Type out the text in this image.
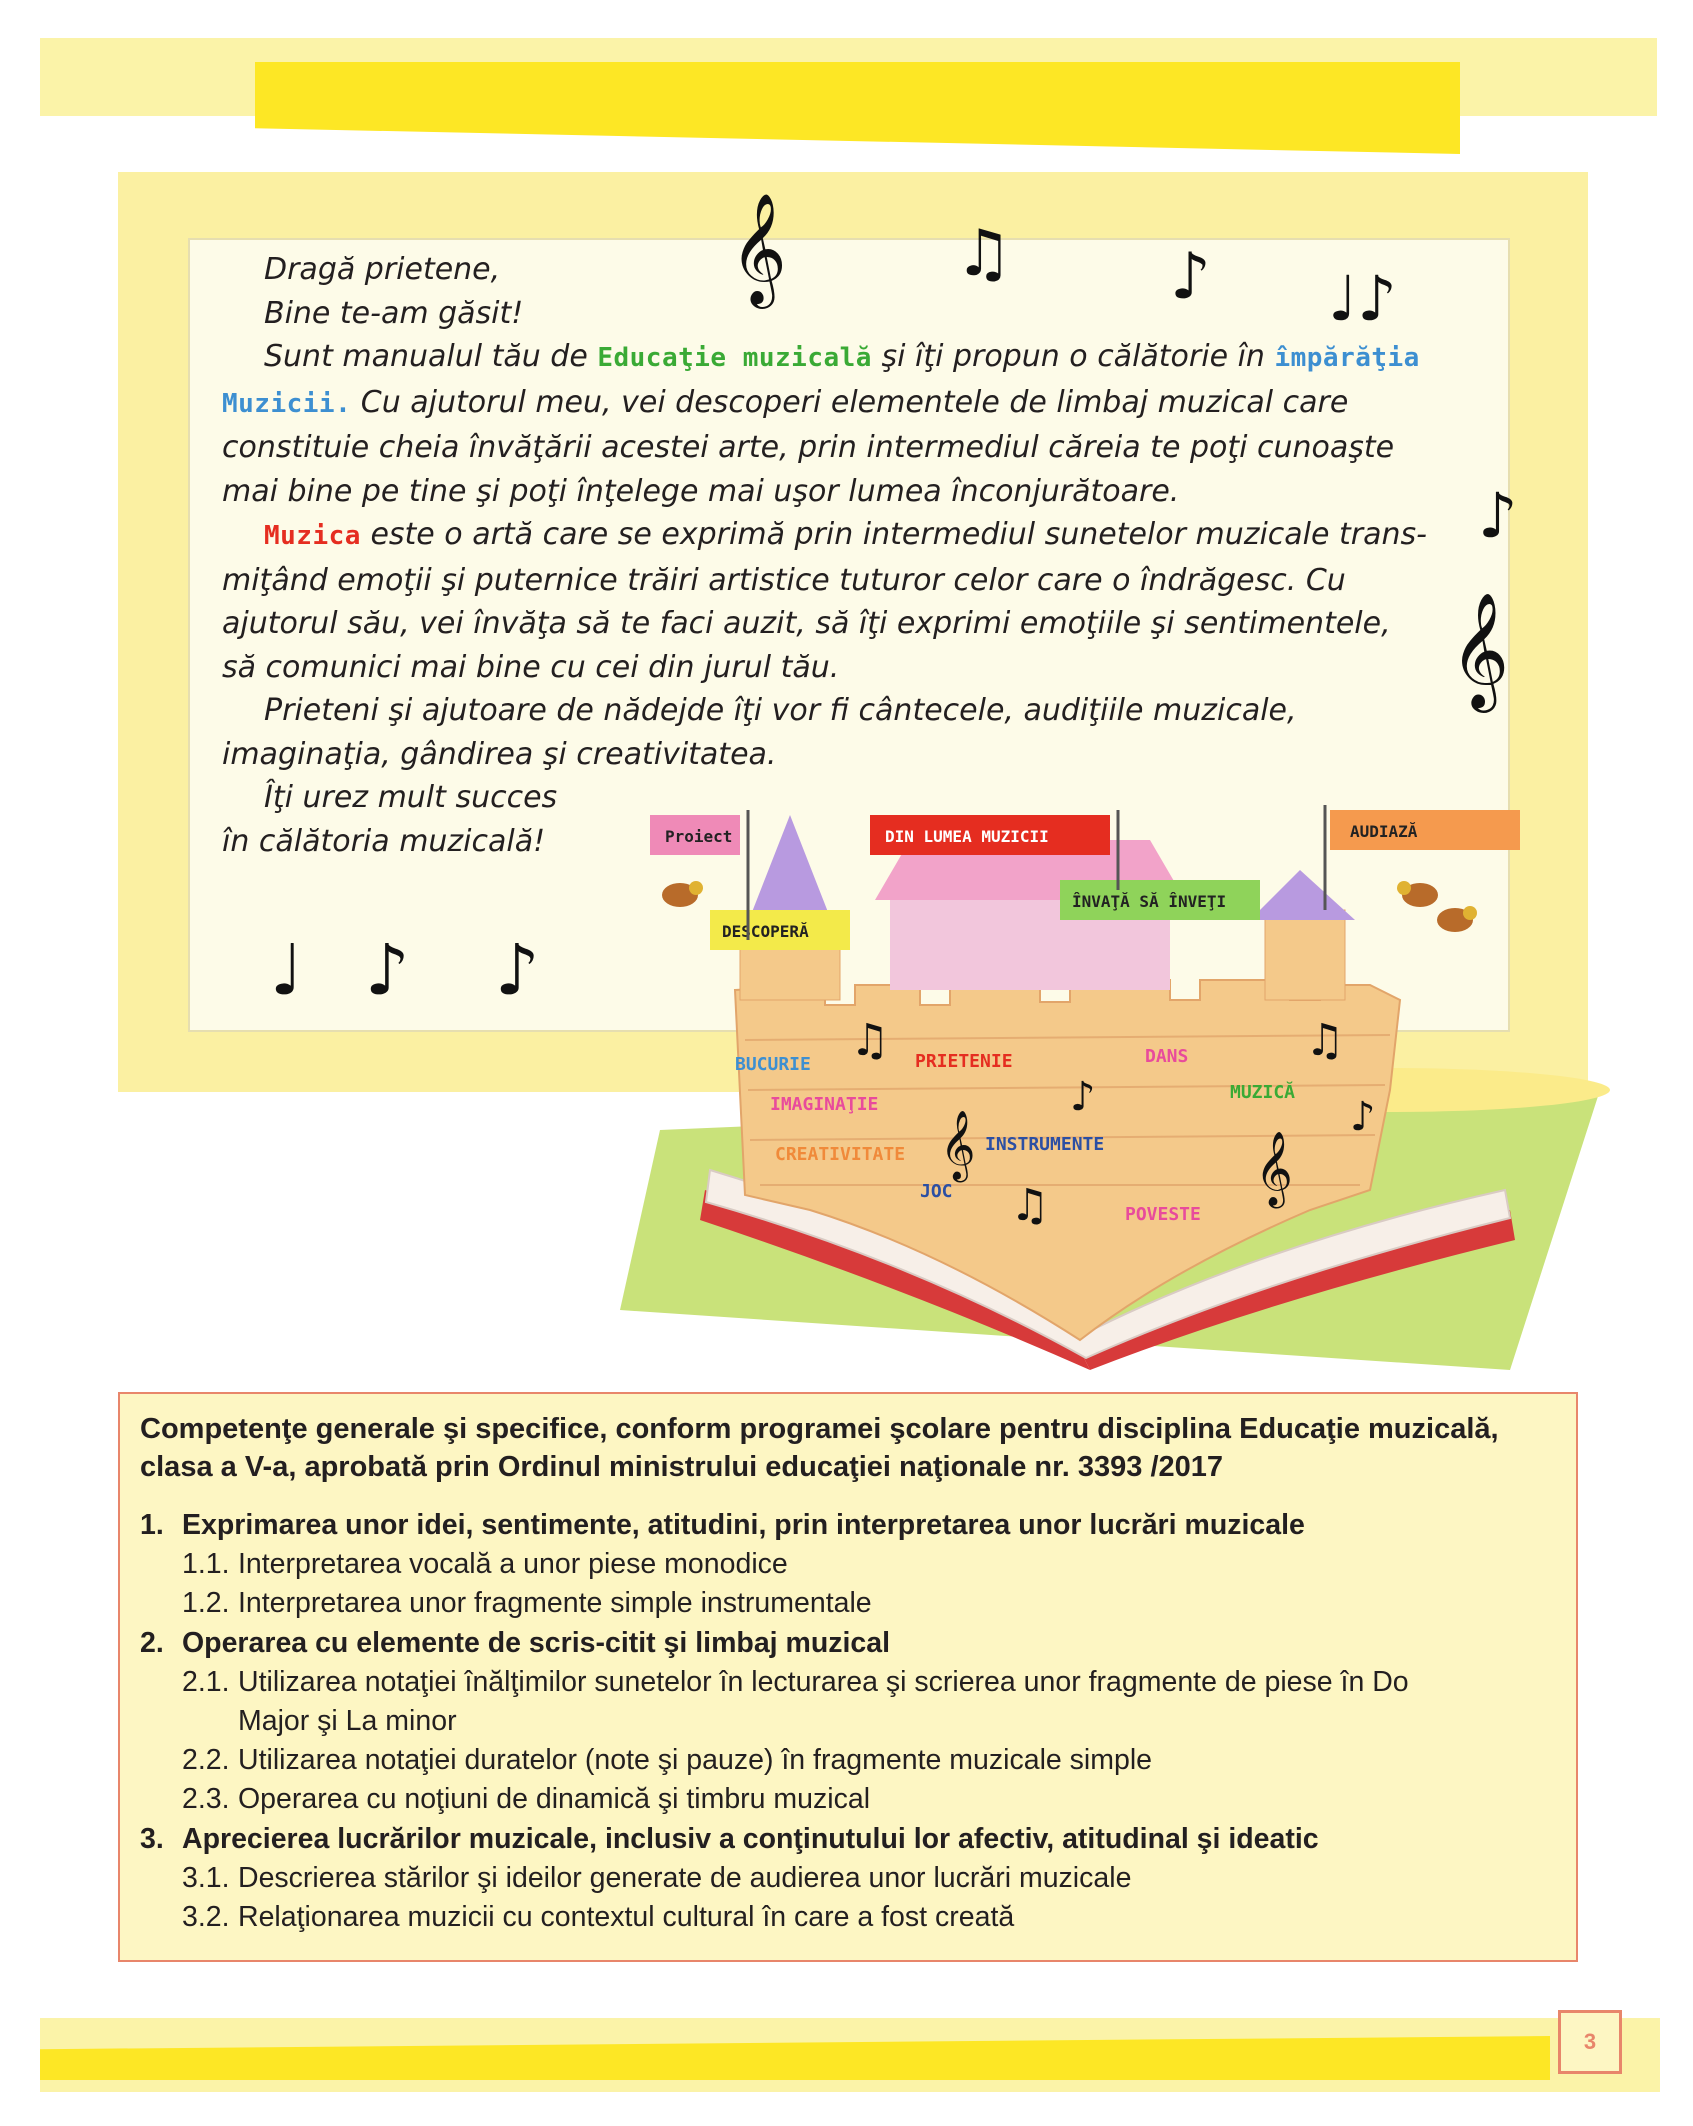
𝄞	♫ ♪ ♩♪
♪
𝄞
♩ ♪ ♪

Dragă prietene,

Bine te-am găsit!

Sunt manualul tău de Educaţie muzicală şi îţi propun o călătorie în împărăţia Muzicii. Cu ajutorul meu, vei descoperi elementele de limbaj muzical care constituie cheia învăţării acestei arte, prin intermediul căreia te poţi cunoaşte mai bine pe tine şi poţi înţelege mai uşor lumea înconjurătoare.

Muzica este o artă care se exprimă prin intermediul sunetelor muzicale trans-miţând emoţii şi puternice trăiri artistice tuturor celor care o îndrăgesc. Cu ajutorul său, vei învăţa să te faci auzit, să îţi exprimi emoţiile şi sentimentele, să comunici mai bine cu cei din jurul tău.

Prieteni şi ajutoare de nădejde îţi vor fi cântecele, audiţiile muzicale, imaginaţia, gândirea şi creativitatea.

Îţi urez mult succes

în călătoria muzicală!	Proiect	DIN LUMEA MUZICII	AUDIAZĂ
DESCOPERĂ
ÎNVAŢĂ SĂ ÎNVEŢI
BUCURIE	PRIETENIE	DANS
IMAGINAŢIE
MUZICĂ
CREATIVITATE	INSTRUMENTE
JOC
POVESTE
♫
𝄞
♪
♫
♫
𝄞
♪
Competenţe generale şi specifice, conform programei şcolare pentru disciplina Educaţie muzicală, clasa a V-a, aprobată prin Ordinul ministrului educaţiei naţionale nr. 3393 /2017
1. Exprimarea unor idei, sentimente, atitudini, prin interpretarea unor lucrări muzicale
1.1. Interpretarea vocală a unor piese monodice
1.2. Interpretarea unor fragmente simple instrumentale
2. Operarea cu elemente de scris-citit şi limbaj muzical
2.1. Utilizarea notaţiei înălţimilor sunetelor în lecturarea şi scrierea unor fragmente de piese în Do Major şi La minor
2.2. Utilizarea notaţiei duratelor (note şi pauze) în fragmente muzicale simple
2.3. Operarea cu noţiuni de dinamică şi timbru muzical
3. Aprecierea lucrărilor muzicale, inclusiv a conţinutului lor afectiv, atitudinal şi ideatic
3.1. Descrierea stărilor şi ideilor generate de audierea unor lucrări muzicale
3.2. Relaţionarea muzicii cu contextul cultural în care a fost creată
3
